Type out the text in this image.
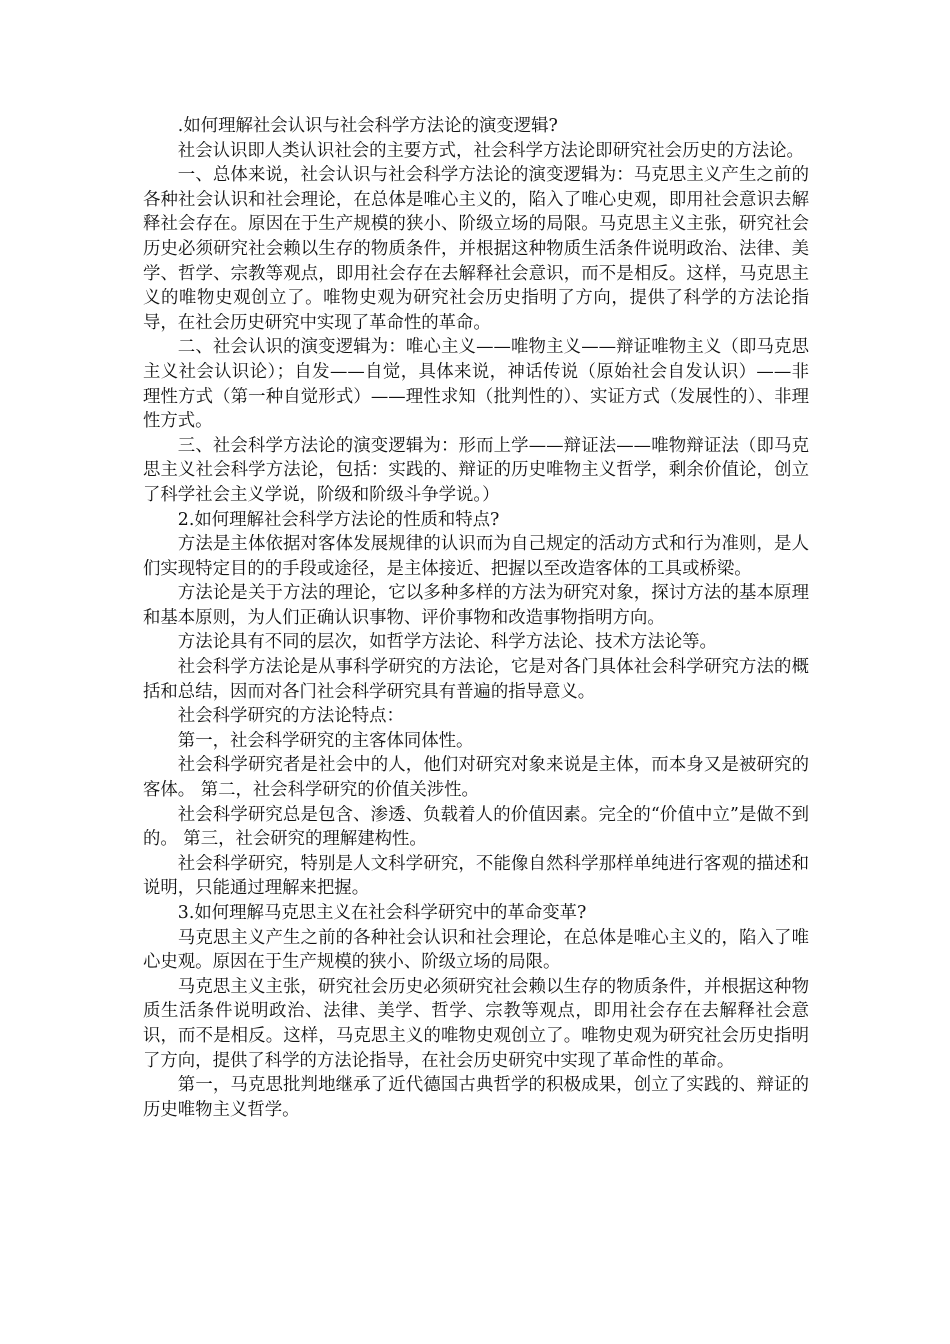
.如何理解社会认识与社会科学方法论的演变逻辑?

社会认识即人类认识社会的主要方式，社会科学方法论即研究社会历史的方法论。

一、总体来说，社会认识与社会科学方法论的演变逻辑为：马克思主义产生之前的各种社会认识和社会理论，在总体是唯心主义的，陷入了唯心史观，即用社会意识去解释社会存在。原因在于生产规模的狭小、阶级立场的局限。马克思主义主张，研究社会历史必须研究社会赖以生存的物质条件，并根据这种物质生活条件说明政治、法律、美学、哲学、宗教等观点，即用社会存在去解释社会意识，而不是相反。这样，马克思主义的唯物史观创立了。唯物史观为研究社会历史指明了方向，提供了科学的方法论指导，在社会历史研究中实现了革命性的革命。

二、社会认识的演变逻辑为：唯心主义——唯物主义——辩证唯物主义（即马克思主义社会认识论）；自发——自觉，具体来说，神话传说（原始社会自发认识）——非理性方式（第一种自觉形式）——理性求知（批判性的）、实证方式（发展性的）、非理性方式。

三、社会科学方法论的演变逻辑为：形而上学——辩证法——唯物辩证法（即马克思主义社会科学方法论，包括：实践的、辩证的历史唯物主义哲学，剩余价值论，创立了科学社会主义学说，阶级和阶级斗争学说。）

2.如何理解社会科学方法论的性质和特点?

方法是主体依据对客体发展规律的认识而为自己规定的活动方式和行为准则，是人们实现特定目的的手段或途径，是主体接近、把握以至改造客体的工具或桥梁。

方法论是关于方法的理论，它以多种多样的方法为研究对象，探讨方法的基本原理和基本原则，为人们正确认识事物、评价事物和改造事物指明方向。

方法论具有不同的层次，如哲学方法论、科学方法论、技术方法论等。

社会科学方法论是从事科学研究的方法论，它是对各门具体社会科学研究方法的概括和总结，因而对各门社会科学研究具有普遍的指导意义。

社会科学研究的方法论特点：

第一，社会科学研究的主客体同体性。

社会科学研究者是社会中的人，他们对研究对象来说是主体，而本身又是被研究的客体。 第二，社会科学研究的价值关涉性。

社会科学研究总是包含、渗透、负载着人的价值因素。完全的“价值中立”是做不到的。 第三，社会研究的理解建构性。

社会科学研究，特别是人文科学研究，不能像自然科学那样单纯进行客观的描述和说明，只能通过理解来把握。

3.如何理解马克思主义在社会科学研究中的革命变革?

马克思主义产生之前的各种社会认识和社会理论，在总体是唯心主义的，陷入了唯心史观。原因在于生产规模的狭小、阶级立场的局限。

马克思主义主张，研究社会历史必须研究社会赖以生存的物质条件，并根据这种物质生活条件说明政治、法律、美学、哲学、宗教等观点，即用社会存在去解释社会意识，而不是相反。这样，马克思主义的唯物史观创立了。唯物史观为研究社会历史指明了方向，提供了科学的方法论指导，在社会历史研究中实现了革命性的革命。

第一，马克思批判地继承了近代德国古典哲学的积极成果，创立了实践的、辩证的历史唯物主义哲学。
